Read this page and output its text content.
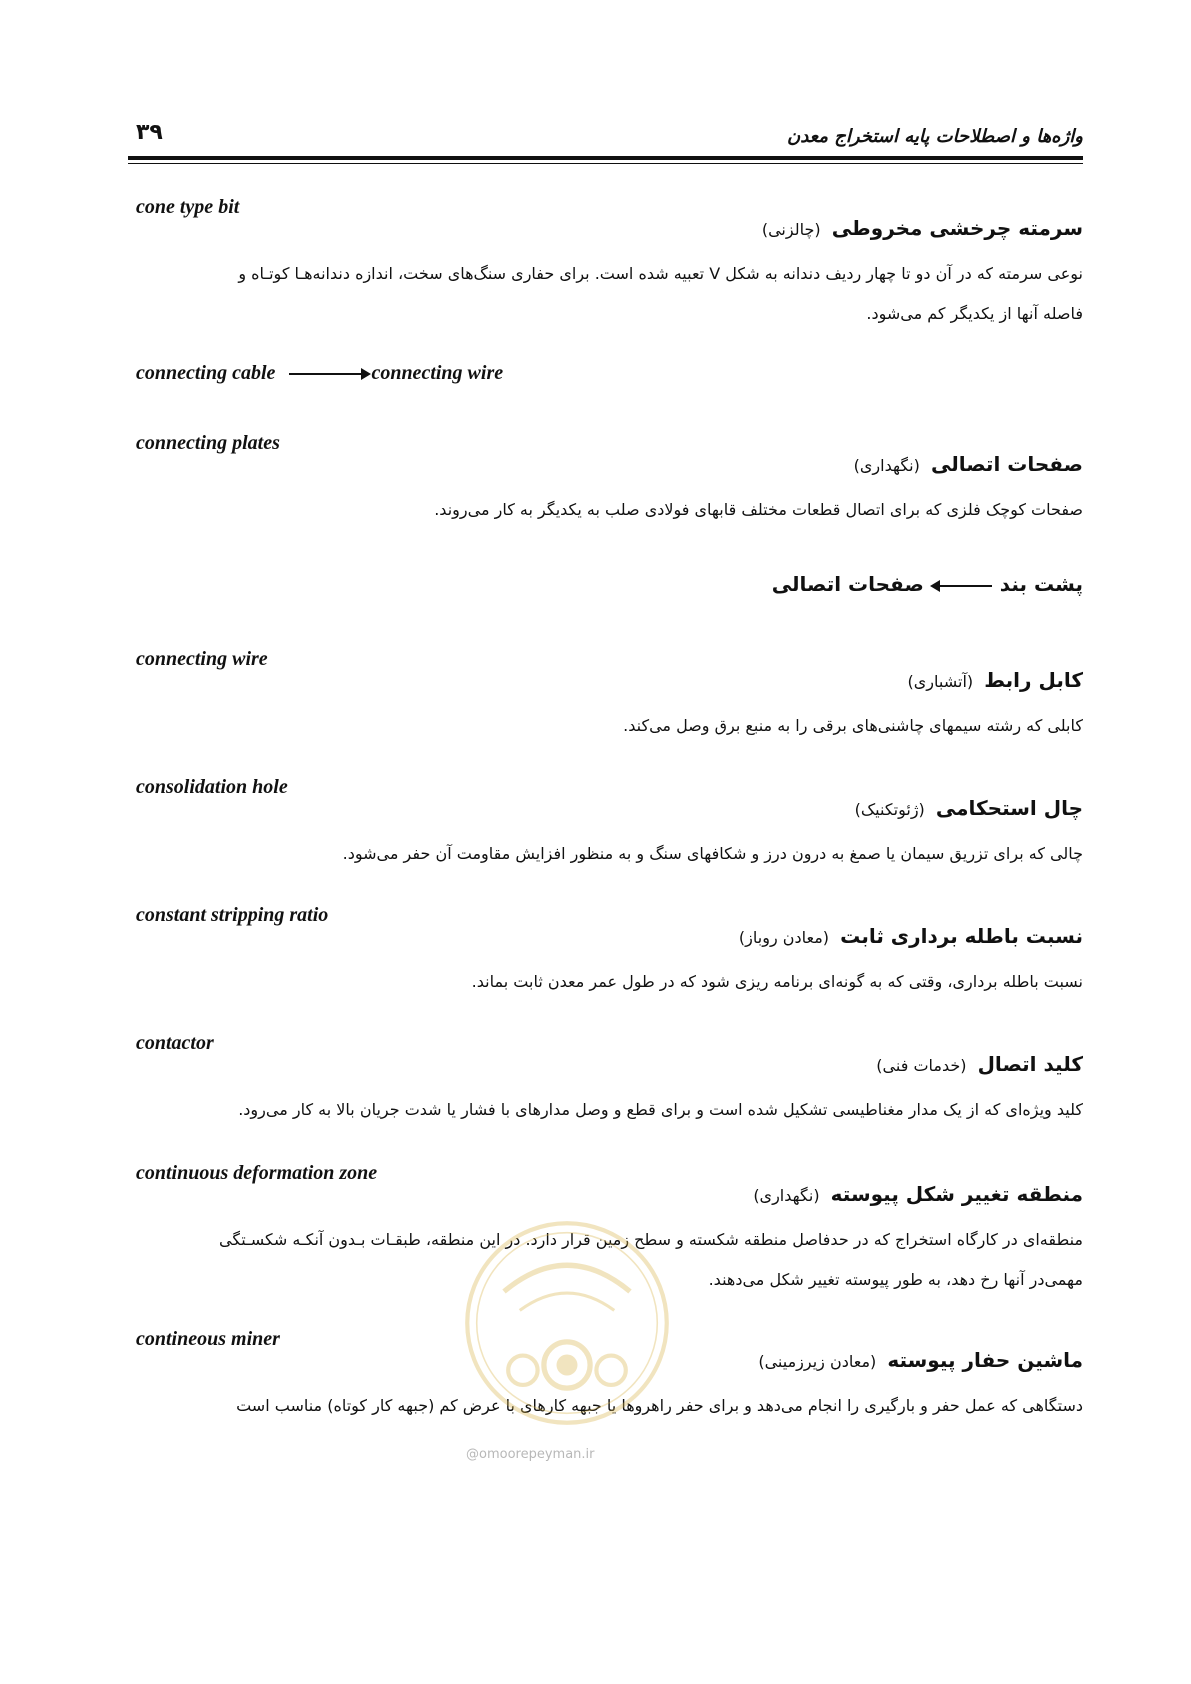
۳۹	واژه‌ها و اصطلاحات پایه استخراج معدن
cone type bit
سرمته چرخشی مخروطی (چالزنی)
نوعی سرمته که در آن دو تا چهار ردیف دندانه به شکل V تعبیه شده است. برای حفاری سنگ‌های سخت، اندازه دندانه‌هـا کوتـاه و
فاصله آنها از یکدیگر کم می‌شود.
connecting cable	connecting wire
connecting plates
صفحات اتصالی (نگهداری)
صفحات کوچک فلزی که برای اتصال قطعات مختلف قابهای فولادی صلب به یکدیگر به کار می‌روند.
پشت بندصفحات اتصالی
connecting wire
کابل رابط (آتشباری)
کابلی که رشته سیمهای چاشنی‌های برقی را به منبع برق وصل می‌کند.
consolidation hole
چال استحکامی (ژئوتکنیک)
چالی که برای تزریق سیمان یا صمغ به درون درز و شکافهای سنگ و به منظور افزایش مقاومت آن حفر می‌شود.
constant stripping ratio
نسبت باطله برداری ثابت (معادن روباز)
نسبت باطله برداری، وقتی که به گونه‌ای برنامه ریزی شود که در طول عمر معدن ثابت بماند.
contactor
کلید اتصال (خدمات فنی)
کلید ویژه‌ای که از یک مدار مغناطیسی تشکیل شده است و برای قطع و وصل مدارهای با فشار یا شدت جریان بالا به کار می‌رود.
continuous deformation zone
منطقه تغییر شکل پیوسته (نگهداری)
منطقه‌ای در کارگاه استخراج که در حدفاصل منطقه شکسته و سطح زمین قرار دارد. در این منطقه، طبقـات بـدون آنکـه شکسـتگی
مهمی‌در آنها رخ دهد، به طور پیوسته تغییر شکل می‌دهند.
contineous miner
ماشین حفار پیوسته (معادن زیرزمینی)
دستگاهی که عمل حفر و بارگیری را انجام می‌دهد و برای حفر راهروها یا جبهه کارهای با عرض کم (جبهه کار کوتاه) مناسب است
@omoorepeyman.ir
